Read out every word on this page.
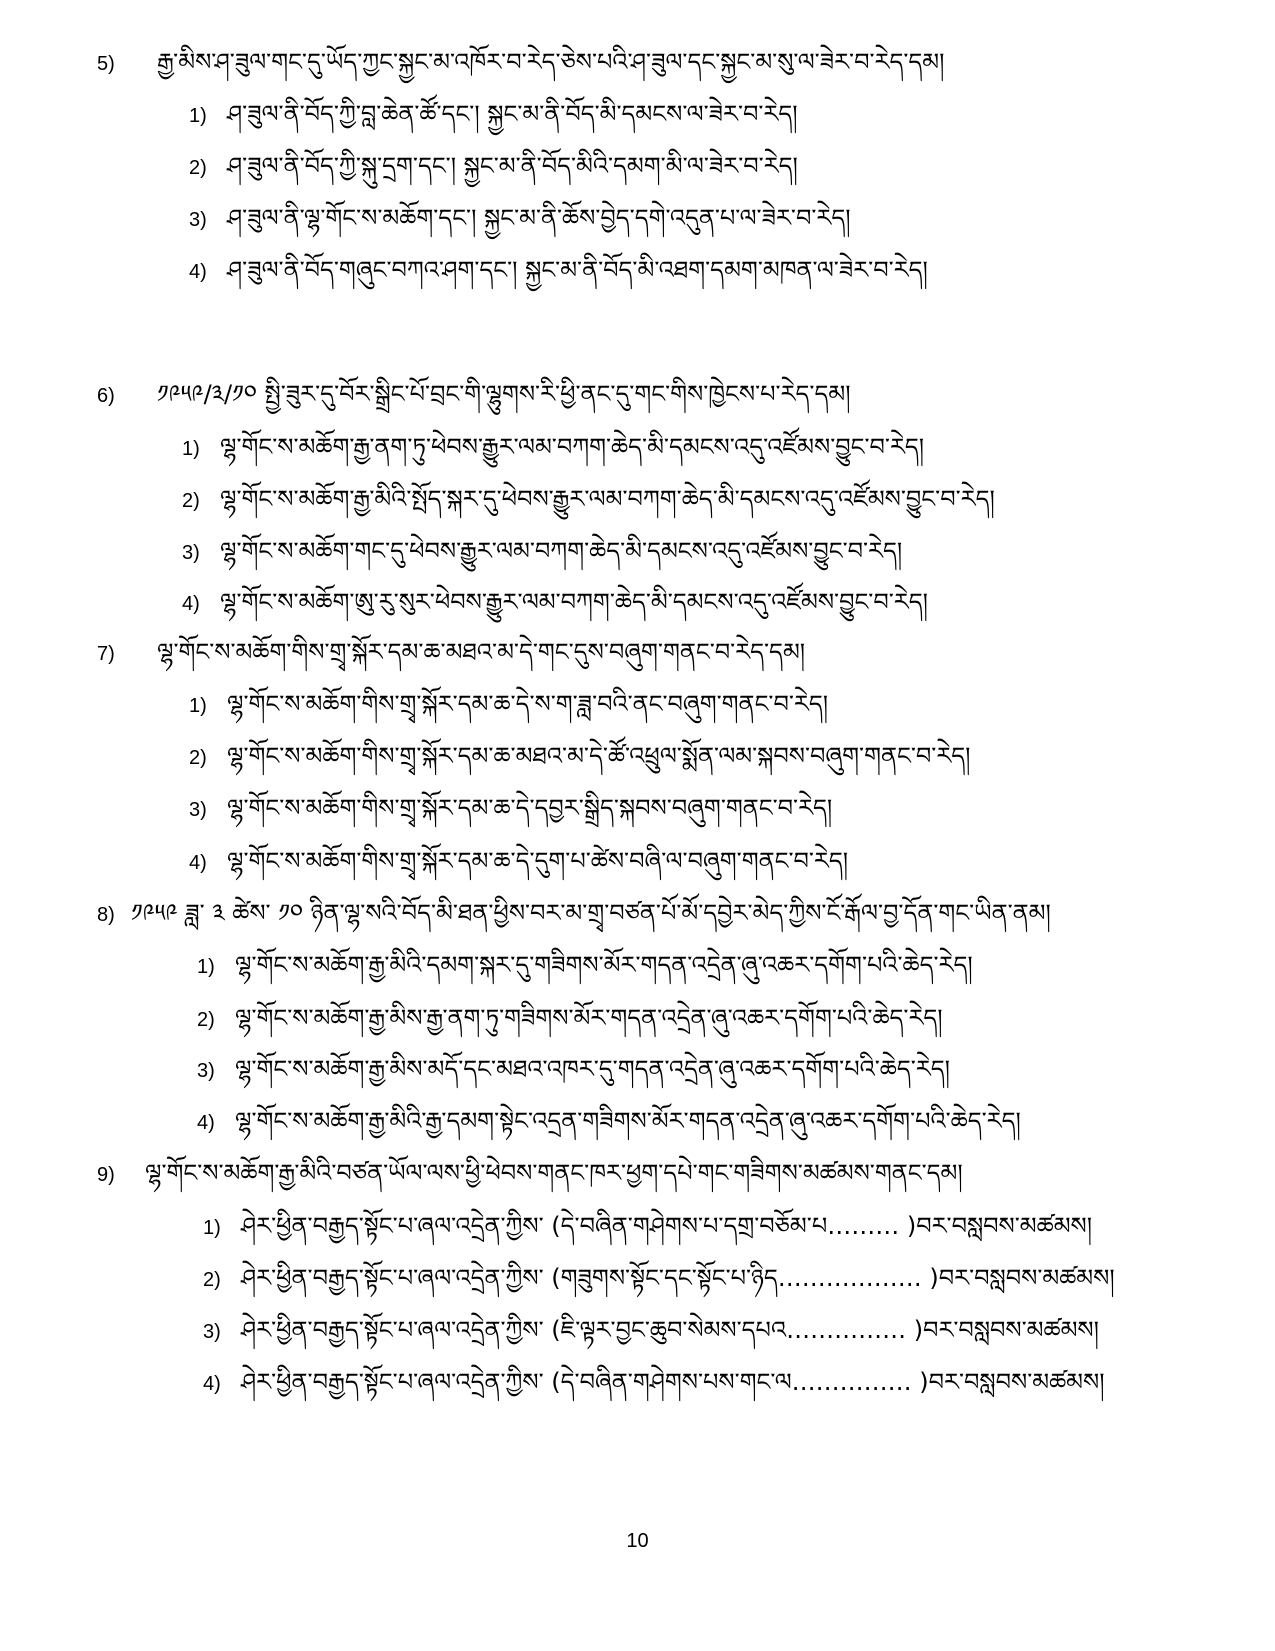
5) རྒྱ་མིས་ཤ་ཟུལ་གང་དུ་ཡོད་ཀྱང་སྐྱང་མ་འཁོར་བ་རེད་ཅེས་པའི་ཤ་ཟུལ་དང་སྐྱང་མ་སུ་ལ་ཟེར་བ་རེད་དམ།
1) ཤ་ཟུལ་ནི་བོད་ཀྱི་བླ་ཆེན་ཚོ་དང་། སྐྱང་མ་ནི་བོད་མི་དམངས་ལ་ཟེར་བ་རེད།
2) ཤ་ཟུལ་ནི་བོད་ཀྱི་སྐུ་དྲག་དང་། སྐྱང་མ་ནི་བོད་མིའི་དམག་མི་ལ་ཟེར་བ་རེད།
3) ཤ་ཟུལ་ནི་ལྷ་གོང་ས་མཆོག་དང་། སྐྱང་མ་ནི་ཆོས་བྱེད་དགེ་འདུན་པ་ལ་ཟེར་བ་རེད།
4) ཤ་ཟུལ་ནི་བོད་གཞུང་བཀའ་ཤག་དང་། སྐྱང་མ་ནི་བོད་མི་འཐག་དམག་མཁན་ལ་ཟེར་བ་རེད།
6) ༡༩༥༩/༣/༡༠ སྤྱི་ཟུར་དུ་བོར་སྒྲིང་པོ་བྲང་གི་ལྷུགས་རི་ཕྱི་ནང་དུ་གང་གིས་ཁྱེངས་པ་རེད་དམ།
1) ལྷ་གོང་ས་མཆོག་རྒྱ་ནག་ཏུ་ཕེབས་རྒྱུར་ལམ་བཀག་ཆེད་མི་དམངས་འདུ་འཛོམས་བྱུང་བ་རེད།
2) ལྷ་གོང་ས་མཆོག་རྒྱ་མིའི་སྤོད་སྐར་དུ་ཕེབས་རྒྱུར་ལམ་བཀག་ཆེད་མི་དམངས་འདུ་འཛོམས་བྱུང་བ་རེད།
3) ལྷ་གོང་ས་མཆོག་གང་དུ་ཕེབས་རྒྱུར་ལམ་བཀག་ཆེད་མི་དམངས་འདུ་འཛོམས་བྱུང་བ་རེད།
4) ལྷ་གོང་ས་མཆོག་ཨུ་རུ་སུར་ཕེབས་རྒྱུར་ལམ་བཀག་ཆེད་མི་དམངས་འདུ་འཛོམས་བྱུང་བ་རེད།
7) ལྷ་གོང་ས་མཆོག་གིས་གྲྭ་སྐོར་དམ་ཆ་མཐའ་མ་དེ་གང་དུས་བཞུག་གནང་བ་རེད་དམ།
1) ལྷ་གོང་ས་མཆོག་གིས་གྲྭ་སྐོར་དམ་ཆ་དེ་ས་ག་ཟླ་བའི་ནང་བཞུག་གནང་བ་རེད།
2) ལྷ་གོང་ས་མཆོག་གིས་གྲྭ་སྐོར་དམ་ཆ་མཐའ་མ་དེ་ཚོ་འཕྲུལ་སྨོན་ལམ་སྐབས་བཞུག་གནང་བ་རེད།
3) ལྷ་གོང་ས་མཆོག་གིས་གྲྭ་སྐོར་དམ་ཆ་དེ་དབྱར་སྒྲིད་སྐབས་བཞུག་གནང་བ་རེད།
4) ལྷ་གོང་ས་མཆོག་གིས་གྲྭ་སྐོར་དམ་ཆ་དེ་དུག་པ་ཚེས་བཞི་ལ་བཞུག་གནང་བ་རེད།
8) ༡༩༥༩ ཟླ་ ༣ ཚེས་ ༡༠ ཉིན་ལྷ་སའི་བོད་མི་ཐན་ཕྱིས་བར་མ་གྲྭ་བཙན་པོ་མོ་དབྱེར་མེད་ཀྱིས་ངོ་རྒོལ་བྱ་དོན་གང་ཡིན་ནམ།
1) ལྷ་གོང་ས་མཆོག་རྒྱ་མིའི་དམག་སྐར་དུ་གཟིགས་མོར་གདན་འདྲེན་ཞུ་འཆར་དགོག་པའི་ཆེད་རེད།
2) ལྷ་གོང་ས་མཆོག་རྒྱ་མིས་རྒྱ་ནག་ཏུ་གཟིགས་མོར་གདན་འདྲེན་ཞུ་འཆར་དགོག་པའི་ཆེད་རེད།
3) ལྷ་གོང་ས་མཆོག་རྒྱ་མིས་མདོ་དང་མཐའ་འཁར་དུ་གདན་འདྲེན་ཞུ་འཆར་དགོག་པའི་ཆེད་རེད།
4) ལྷ་གོང་ས་མཆོག་རྒྱ་མིའི་རྒྱ་དམག་སྟེང་འདྲན་གཟིགས་མོར་གདན་འདྲེན་ཞུ་འཆར་དགོག་པའི་ཆེད་རེད།
9) ལྷ་གོང་ས་མཆོག་རྒྱ་མིའི་བཙན་ཡོལ་ལས་ཕྱི་ཕེབས་གནང་ཁར་ཕྱག་དཔེ་གང་གཟིགས་མཚམས་གནང་དམ།
1) ཤེར་ཕྱིན་བརྒྱད་སྟོང་པ་ཞལ་འདྲེན་ཀྱིས་ (དེ་བཞིན་གཤེགས་པ་དགྲ་བཅོམ་པ……… )བར་བསླབས་མཚམས།
2) ཤེར་ཕྱིན་བརྒྱད་སྟོང་པ་ཞལ་འདྲེན་ཀྱིས་ (གཟུགས་སྟོང་དང་སྟོང་པ་ཉིད……………… )བར་བསླབས་མཚམས།
3) ཤེར་ཕྱིན་བརྒྱད་སྟོང་པ་ཞལ་འདྲེན་ཀྱིས་ (ཇི་ལྟར་བྱང་ཆུབ་སེམས་དཔའ…………… )བར་བསླབས་མཚམས།
4) ཤེར་ཕྱིན་བརྒྱད་སྟོང་པ་ཞལ་འདྲེན་ཀྱིས་ (དེ་བཞིན་གཤེགས་པས་གང་ལ…………… )བར་བསླབས་མཚམས།
10
